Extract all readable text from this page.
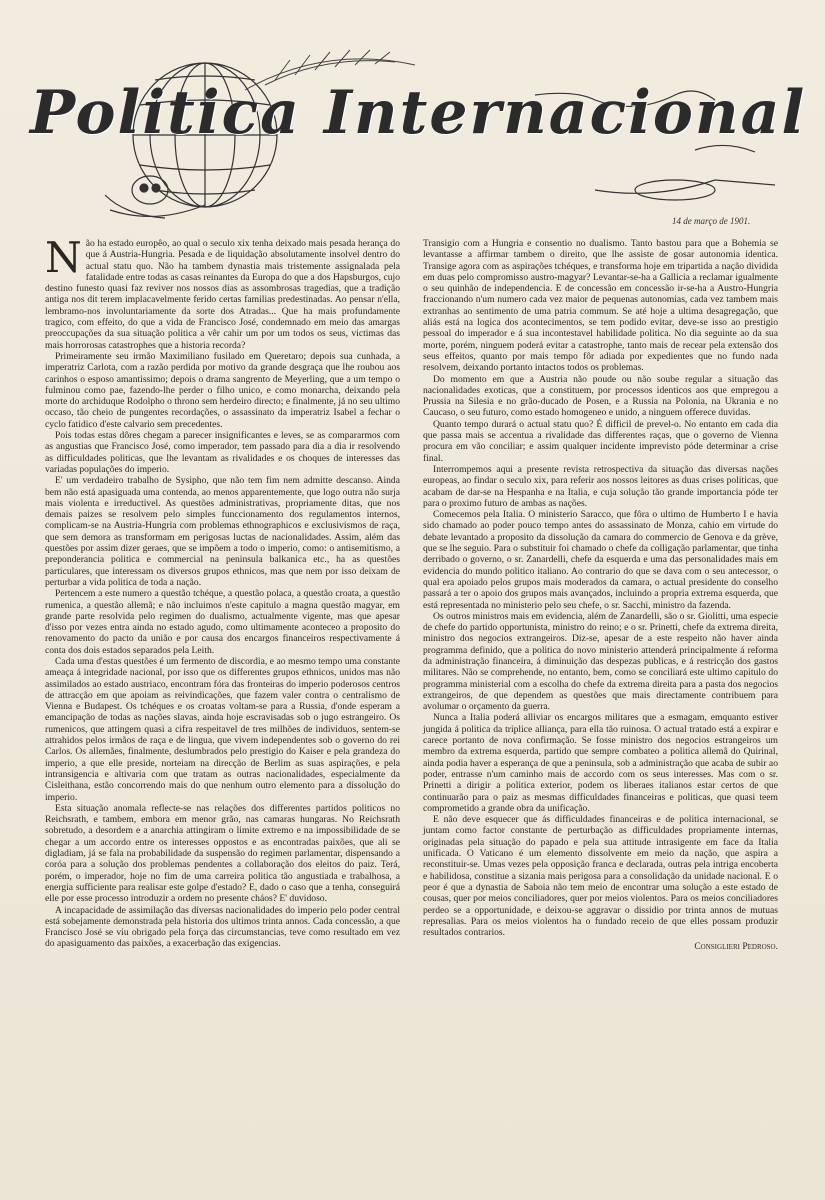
Politica Internacional
14 de março de 1901.

Não ha estado europêo, ao qual o seculo xix tenha deixado mais pesada herança do que á Austria-Hungria. Pesada e de liquidação absolutamente insolvel dentro do actual statu quo. Não ha tambem dynastia mais tristemente assignalada pela fatalidade entre todas as casas reinantes da Europa do que a dos Hapsburgos, cujo destino funesto quasi faz reviver nos nossos dias as assombrosas tragedias, que a tradição antiga nos dit terem implacavelmente ferido certas familias predestinadas. Ao pensar n'ella, lembramo-nos involuntariamente da sorte dos Atradas... Que ha mais profundamente tragico, com effeito, do que a vida de Francisco José, condemnado em meio das amargas preoccupações da sua situação politica a vêr cahir um por um todos os seus, victimas das mais horrorosas catastrophes que a historia recorda?

Primeiramente seu irmão Maximiliano fusilado em Queretaro; depois sua cunhada, a imperatriz Carlota, com a razão perdida por motivo da grande desgraça que lhe roubou aos carinhos o esposo amantissimo; depois o drama sangrento de Meyerling, que a um tempo o fulminou como pae, fazendo-lhe perder o filho unico, e como monarcha, deixando pela morte do archiduque Rodolpho o throno sem herdeiro directo; e finalmente, já no seu ultimo occaso, tão cheio de pungentes recordações, o assassinato da imperatriz Isabel a fechar o cyclo fatidico d'este calvario sem precedentes.

Pois todas estas dôres chegam a parecer insignificantes e leves, se as compararmos com as angustias que Francisco José, como imperador, tem passado para dia a dia ir resolvendo as difficuldades politicas, que lhe levantam as rivalidades e os choques de interesses das variadas populações do imperio.

E' um verdadeiro trabalho de Sysipho, que não tem fim nem admitte descanso. Ainda bem não está apasiguada uma contenda, ao menos apparentemente, que logo outra não surja mais violenta e irreductivel. As questões administrativas, propriamente ditas, que nos demais paizes se resolvem pelo simples funccionamento dos regulamentos internos, complicam-se na Austria-Hungria com problemas ethnographicos e exclusivismos de raça, que sem demora as transformam em perigosas luctas de nacionalidades. Assim, além das questões por assim dizer geraes, que se impõem a todo o imperio, como: o antisemitismo, a preponderancia politica e commercial na peninsula balkanica etc., ha as questões particulares, que interessam os diversos grupos ethnicos, mas que nem por isso deixam de perturbar a vida politica de toda a nação.

Pertencem a este numero a questão tchéque, a questão polaca, a questão croata, a questão rumenica, a questão allemã; e não incluimos n'este capitulo a magna questão magyar, em grande parte resolvida pelo regimen do dualismo, actualmente vigente, mas que apesar d'isso por vezes entra ainda no estado agudo, como ultimamente aconteceo a proposito do renovamento do pacto da união e por causa dos encargos financeiros respectivamente á conta dos dois estados separados pela Leith.

Cada uma d'estas questões é um fermento de discordia, e ao mesmo tempo uma constante ameaça á integridade nacional, por isso que os differentes grupos ethnicos, unidos mas não assimilados ao estado austriaco, encontram fóra das fronteiras do imperio poderosos centros de attracção em que apoiam as reivindicações, que fazem valer contra o centralismo de Vienna e Budapest. Os tchéques e os croatas voltam-se para a Russia, d'onde esperam a emancipação de todas as nações slavas, ainda hoje escravisadas sob o jugo estrangeiro. Os rumenicos, que attingem quasi a cifra respeitavel de tres milhões de individuos, sentem-se attrahidos pelos irmãos de raça e de lingua, que vivem independentes sob o governo do rei Carlos. Os allemães, finalmente, deslumbrados pelo prestigio do Kaiser e pela grandeza do imperio, a que elle preside, norteiam na direcção de Berlim as suas aspirações, e pela intransigencia e altivaria com que tratam as outras nacionalidades, especialmente da Cisleithana, estão concorrendo mais do que nenhum outro elemento para a dissolução do imperio.

Esta situação anomala reflecte-se nas relações dos differentes partidos politicos no Reichsrath, e tambem, embora em menor grão, nas camaras hungaras. No Reichsrath sobretudo, a desordem e a anarchia attingiram o limite extremo e na impossibilidade de se chegar a um accordo entre os interesses oppostos e as encontradas paixões, que ali se digladiam, já se fala na probabilidade da suspensão do regimen parlamentar, dispensando a coróa para a solução dos problemas pendentes a collaboração dos eleitos do paiz. Terá, porém, o imperador, hoje no fim de uma carreira politica tão angustiada e trabalhosa, a energia sufficiente para realisar este golpe d'estado? E, dado o caso que a tenha, conseguirá elle por esse processo introduzir a ordem no presente cháos? E' duvidoso.

A incapacidade de assimilação das diversas nacionalidades do imperio pelo poder central está sobejamente demonstrada pela historia dos ultimos trinta annos. Cada concessão, a que Francisco José se viu obrigado pela força das circumstancias, teve como resultado em vez do apasiguamento das paixões, a exacerbação das exigencias.

Transigio com a Hungria e consentio no dualismo. Tanto bastou para que a Bohemia se levantasse a affirmar tambem o direito, que lhe assiste de gosar autonomia identica. Transige agora com as aspirações tchéques, e transforma hoje em tripartida a nação dividida em duas pelo compromisso austro-magyar? Levantar-se-ha a Gallicia a reclamar igualmente o seu quinhão de independencia. E de concessão em concessão ir-se-ha a Austro-Hungria fraccionando n'um numero cada vez maior de pequenas autonomias, cada vez tambem mais extranhas ao sentimento de uma patria commum. Se até hoje a ultima desagregação, que aliás está na logica dos acontecimentos, se tem podido evitar, deve-se isso ao prestigio pessoal do imperador e á sua incontestavel habilidade politica. No dia seguinte ao da sua morte, porém, ninguem poderá evitar a catastrophe, tanto mais de recear pela extensão dos seus effeitos, quanto por mais tempo fôr adiada por expedientes que no fundo nada resolvem, deixando portanto intactos todos os problemas.

Do momento em que a Austria não poude ou não soube regular a situação das nacionalidades exoticas, que a constituem, por processos identicos aos que empregou a Prussia na Silesia e no grão-ducado de Posen, e a Russia na Polonia, na Ukrania e no Caucaso, o seu futuro, como estado homogeneo e unido, a ninguem offerece duvidas.

Quanto tempo durará o actual statu quo? É difficil de prevel-o. No entanto em cada dia que passa mais se accentua a rivalidade das differentes raças, que o governo de Vienna procura em vão conciliar; e assim qualquer incidente imprevisto póde determinar a crise final.

Interrompemos aqui a presente revista retrospectiva da situação das diversas nações europeas, ao findar o seculo xix, para referir aos nossos leitores as duas crises politicas, que acabam de dar-se na Hespanha e na Italia, e cuja solução tão grande importancia póde ter para o proximo futuro de ambas as nações.

Comecemos pela Italia. O ministerio Saracco, que fôra o ultimo de Humberto I e havia sido chamado ao poder pouco tempo antes do assassinato de Monza, cahio em virtude do debate levantado a proposito da dissolução da camara do commercio de Genova e da grève, que se lhe seguio. Para o substituir foi chamado o chefe da colligação parlamentar, que tinha derribado o governo, o sr. Zanardelli, chefe da esquerda e uma das personalidades mais em evidencia do mundo politico italiano. Ao contrario do que se dava com o seu antecessor, o qual era apoiado pelos grupos mais moderados da camara, o actual presidente do conselho passará a ter o apoio dos grupos mais avançados, incluindo a propria extrema esquerda, que está representada no ministerio pelo seu chefe, o sr. Sacchi, ministro da fazenda.

Os outros ministros mais em evidencia, além de Zanardelli, são o sr. Giolitti, uma especie de chefe do partido opportunista, ministro do reino; e o sr. Prinetti, chefe da extrema direita, ministro dos negocios extrangeiros. Diz-se, apesar de a este respeito não haver ainda programma definido, que a politica do novo ministerio attenderá principalmente á reforma da administração financeira, á diminuição das despezas publicas, e á restricção dos gastos militares. Não se comprehende, no entanto, bem, como se conciliará este ultimo capitulo do programma ministerial com a escolha do chefe da extrema direita para a pasta dos negocios extrangeiros, de que dependem as questões que mais directamente contribuem para avolumar o orçamento da guerra.

Nunca a Italia poderá alliviar os encargos militares que a esmagam, emquanto estiver jungida á politica da triplice alliança, para ella tão ruinosa. O actual tratado está a expirar e carece portanto de nova confirmação. Se fosse ministro dos negocios estrangeiros um membro da extrema esquerda, partido que sempre combateo a politica allemã do Quirinal, ainda podia haver a esperança de que a peninsula, sob a administração que acaba de subir ao poder, entrasse n'um caminho mais de accordo com os seus interesses. Mas com o sr. Prinetti a dirigir a politica exterior, podem os liberaes italianos estar certos de que continuarão para o paiz as mesmas difficuldades financeiras e politicas, que quasi teem comprometido a grande obra da unificação.

E não deve esquecer que ás difficuldades financeiras e de politica internacional, se juntam como factor constante de perturbação as difficuldades propriamente internas, originadas pela situação do papado e pela sua attitude intrasigente em face da Italia unificada. O Vaticano é um elemento dissolvente em meio da nação, que aspira a reconstituir-se. Umas vezes pela opposição franca e declarada, outras pela intriga encoberta e habilidosa, constitue a sizania mais perigosa para a consolidação da unidade nacional. E o peor é que a dynastia de Saboia não tem meio de encontrar uma solução a este estado de cousas, quer por meios conciliadores, quer por meios violentos. Para os meios conciliadores perdeo se a opportunidade, e deixou-se aggravar o dissidio por trinta annos de mutuas represalias. Para os meios violentos ha o fundado receio de que elles possam produzir resultados contrarios.

Consiglieri Pedroso.
